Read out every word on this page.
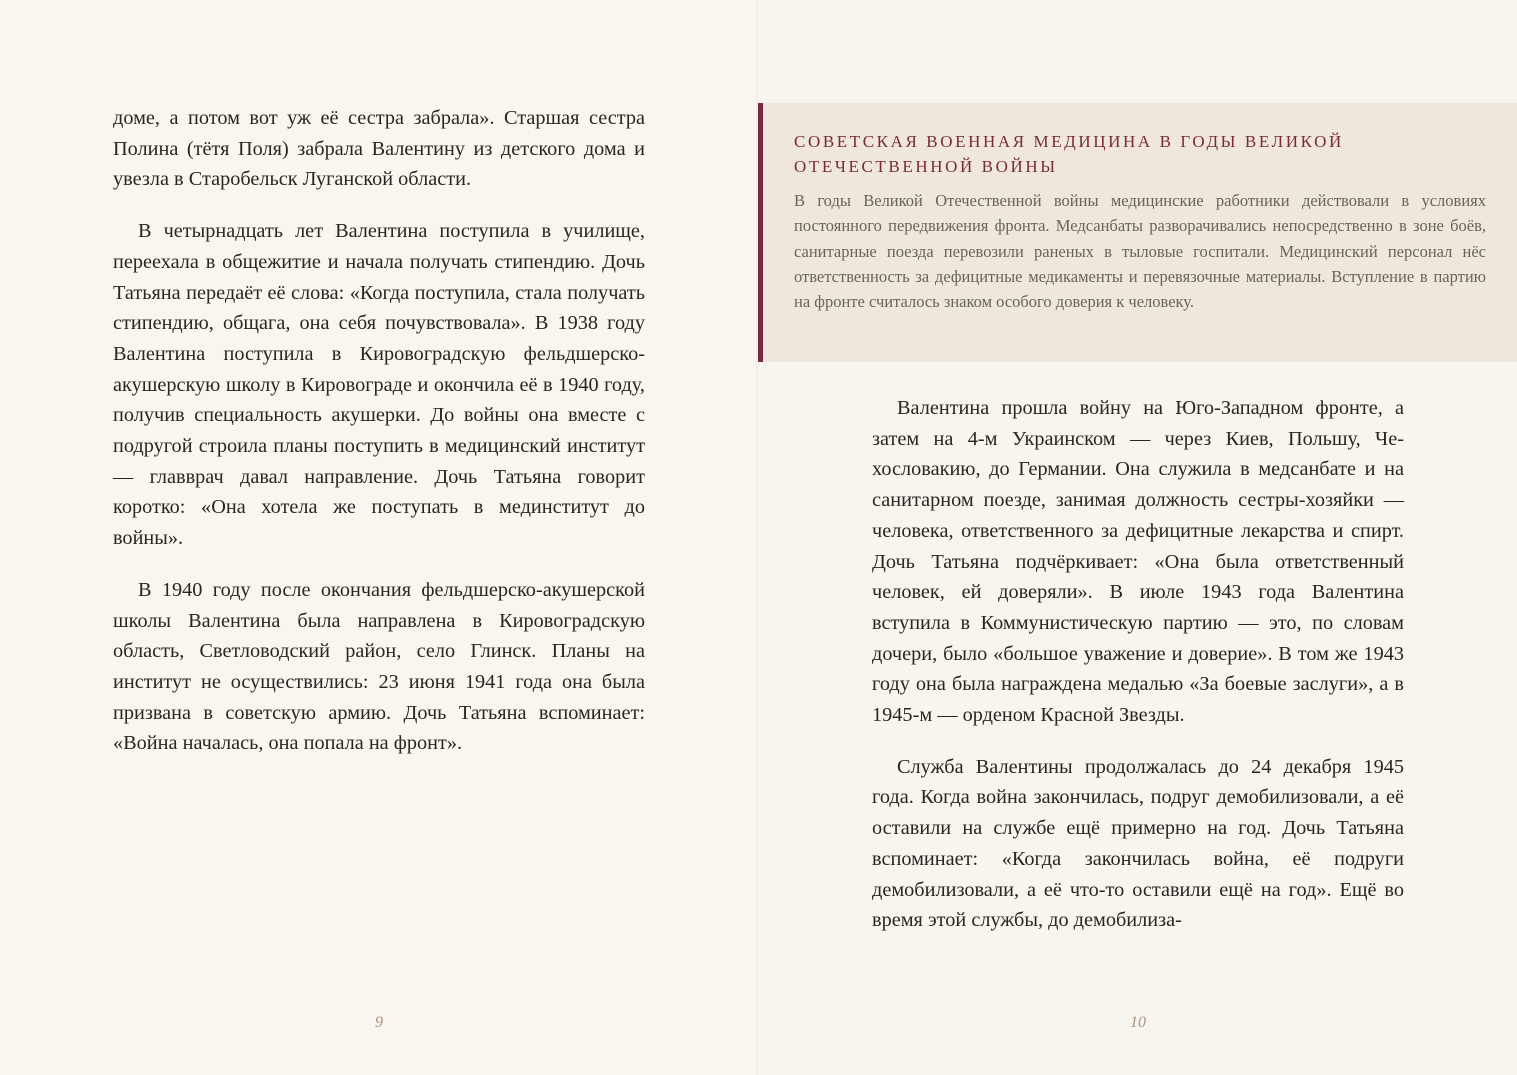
доме, а потом вот уж её сестра забрала». Старшая сестра Полина (тётя Поля) забрала Валентину из детского дома и увезла в Старобельск Луганской области.

В четырнадцать лет Валентина поступила в училище, переехала в общежитие и начала получать стипендию. Дочь Татьяна передаёт её слова: «Когда поступила, стала получать стипендию, общага, она себя почувствовала». В 1938 году Валентина поступила в Кировоградскую фельдшерско-акушерскую школу в Кировограде и окончила её в 1940 году, получив специальность акушерки. До войны она вместе с подругой строила планы поступить в медицинский институт — главврач давал направление. Дочь Татьяна говорит коротко: «Она хотела же поступать в мединститут до войны».

В 1940 году после окончания фельдшерско-акушерской школы Валентина была направлена в Кировоградскую область, Светловодский район, село Глинск. Планы на институт не осуществились: 23 июня 1941 года она была призвана в советскую армию. Дочь Татьяна вспоминает: «Война началась, она попала на фронт».

СОВЕТСКАЯ ВОЕННАЯ МЕДИЦИНА В ГОДЫ ВЕЛИКОЙ ОТЕЧЕСТВЕННОЙ ВОЙНЫ
В годы Великой Отечественной войны медицинские работники действовали в условиях постоянного передвижения фронта. Медсанбаты разворачивались непосредственно в зоне боёв, санитарные поезда перевозили раненых в тыловые госпитали. Медицинский персонал нёс ответственность за дефицитные медикаменты и перевязочные материалы. Вступление в партию на фронте считалось знаком особого доверия к человеку.

Валентина прошла войну на Юго-Западном фронте, а затем на 4-м Украинском — через Киев, Польшу, Чехословакию, до Германии. Она служила в медсанбате и на санитарном поезде, занимая должность сестры-хозяйки — человека, ответственного за дефицитные лекарства и спирт. Дочь Татьяна подчёркивает: «Она была ответственный человек, ей доверяли». В июле 1943 года Валентина вступила в Коммунистическую партию — это, по словам дочери, было «большое уважение и доверие». В том же 1943 году она была награждена медалью «За боевые заслуги», а в 1945-м — орденом Красной Звезды.

Служба Валентины продолжалась до 24 декабря 1945 года. Когда война закончилась, подруг демобилизовали, а её оставили на службе ещё примерно на год. Дочь Татьяна вспоминает: «Когда закончилась война, её подруги демобилизовали, а её что-то оставили ещё на год». Ещё во время этой службы, до демобилиза-

9	10
